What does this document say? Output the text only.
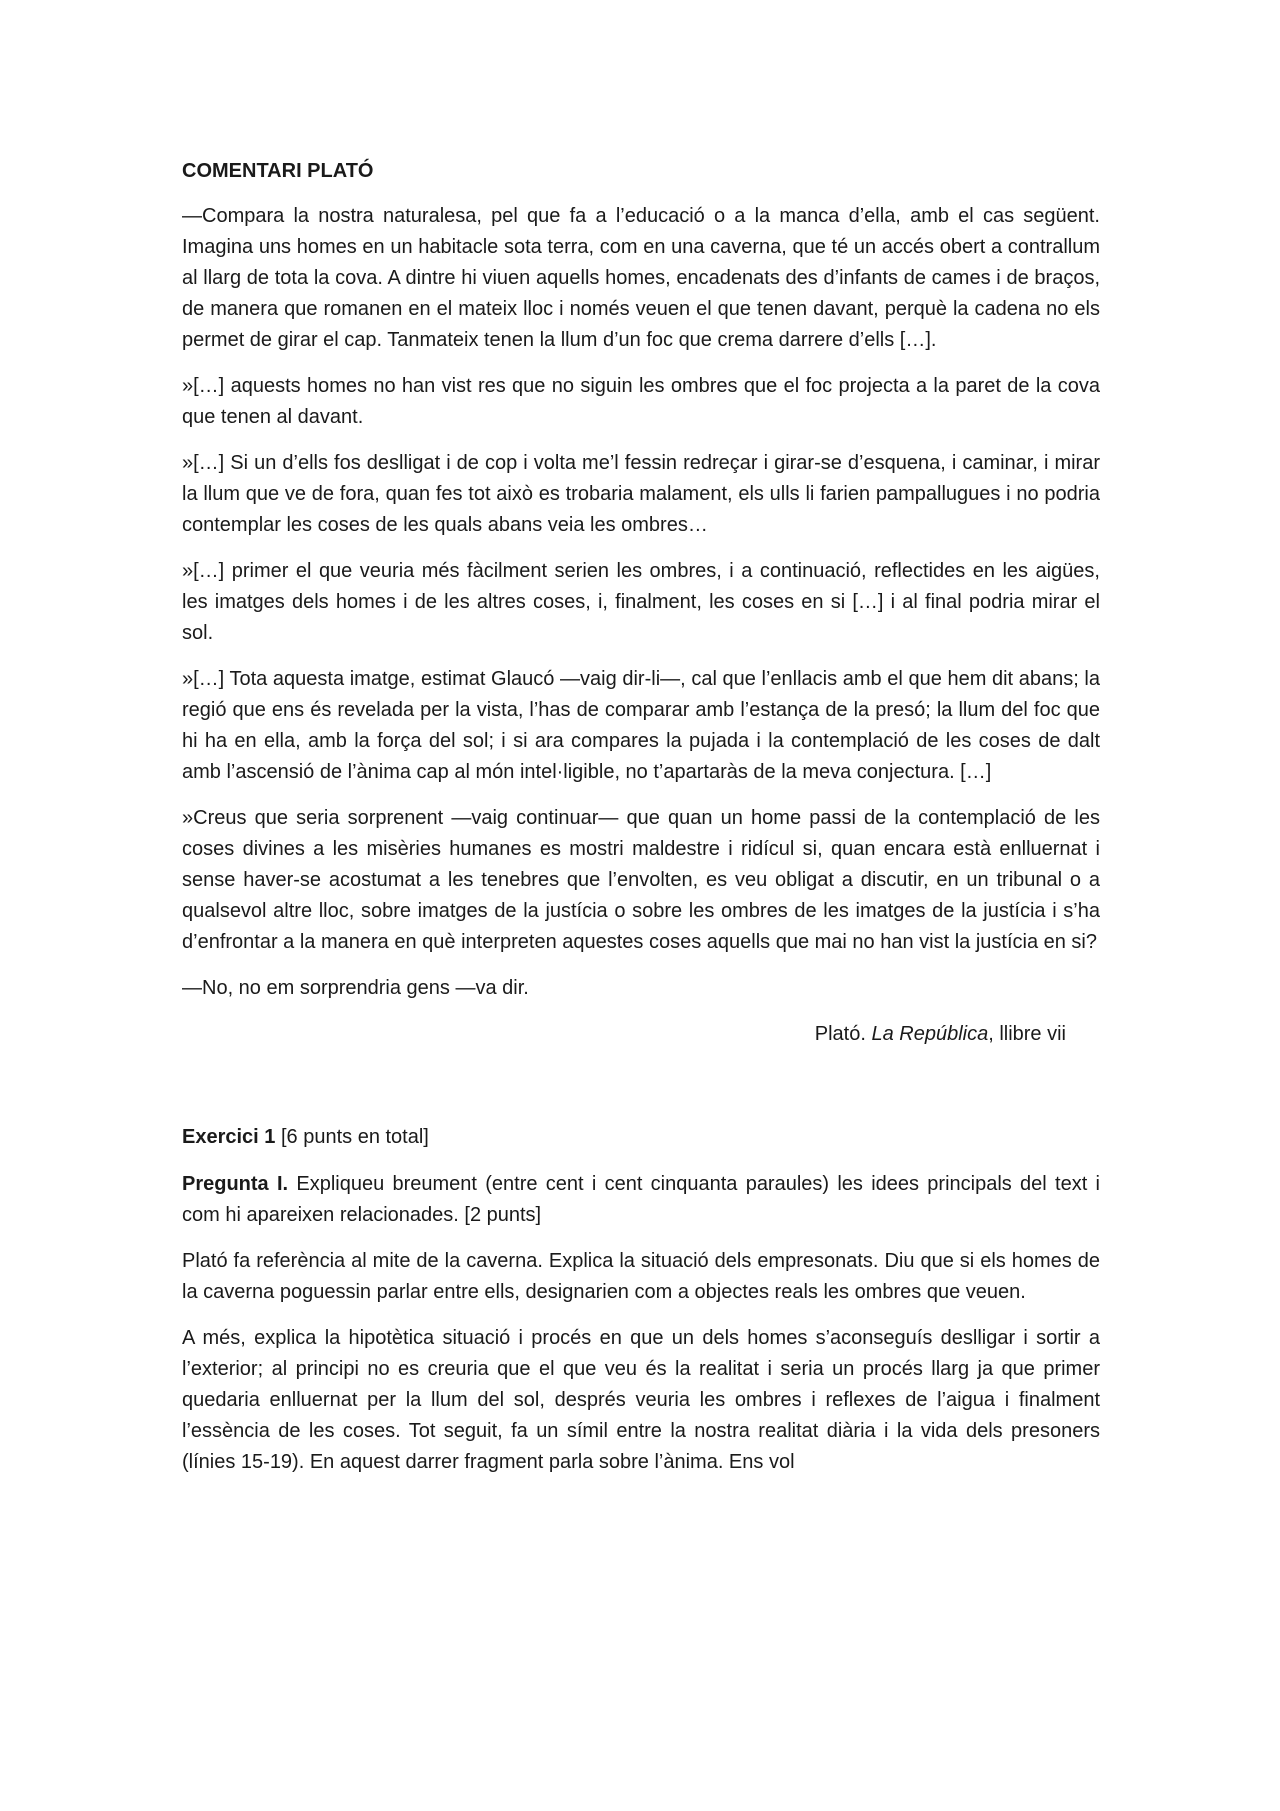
COMENTARI PLATÓ

—Compara la nostra naturalesa, pel que fa a l’educació o a la manca d’ella, amb el cas següent. Imagina uns homes en un habitacle sota terra, com en una caverna, que té un accés obert a contrallum al llarg de tota la cova. A dintre hi viuen aquells homes, encadenats des d’infants de cames i de braços, de manera que romanen en el mateix lloc i només veuen el que tenen davant, perquè la cadena no els permet de girar el cap. Tanmateix tenen la llum d’un foc que crema darrere d’ells […].

»[…] aquests homes no han vist res que no siguin les ombres que el foc projecta a la paret de la cova que tenen al davant.

»[…] Si un d’ells fos deslligat i de cop i volta me’l fessin redreçar i girar-se d’esquena, i caminar, i mirar la llum que ve de fora, quan fes tot això es trobaria malament, els ulls li farien pampallugues i no podria contemplar les coses de les quals abans veia les ombres…

»[…] primer el que veuria més fàcilment serien les ombres, i a continuació, reflectides en les aigües, les imatges dels homes i de les altres coses, i, finalment, les coses en si […] i al final podria mirar el sol.

»[…] Tota aquesta imatge, estimat Glaucó —vaig dir-li—, cal que l’enllacis amb el que hem dit abans; la regió que ens és revelada per la vista, l’has de comparar amb l’estança de la presó; la llum del foc que hi ha en ella, amb la força del sol; i si ara compares la pujada i la contemplació de les coses de dalt amb l’ascensió de l’ànima cap al món intel·ligible, no t’apartaràs de la meva conjectura. […]

»Creus que seria sorprenent —vaig continuar— que quan un home passi de la contemplació de les coses divines a les misèries humanes es mostri maldestre i ridícul si, quan encara està enlluernat i sense haver-se acostumat a les tenebres que l’envolten, es veu obligat a discutir, en un tribunal o a qualsevol altre lloc, sobre imatges de la justícia o sobre les ombres de les imatges de la justícia i s’ha d’enfrontar a la manera en què interpreten aquestes coses aquells que mai no han vist la justícia en si?

—No, no em sorprendria gens —va dir.

Plató. La República, llibre vii
Exercici 1 [6 punts en total]

Pregunta I. Expliqueu breument (entre cent i cent cinquanta paraules) les idees principals del text i com hi apareixen relacionades. [2 punts]

Plató fa referència al mite de la caverna. Explica la situació dels empresonats. Diu que si els homes de la caverna poguessin parlar entre ells, designarien com a objectes reals les ombres que veuen.

A més, explica la hipotètica situació i procés en que un dels homes s’aconseguís deslligar i sortir a l’exterior; al principi no es creuria que el que veu és la realitat i seria un procés llarg ja que primer quedaria enlluernat per la llum del sol, després veuria les ombres i reflexes de l’aigua i finalment l’essència de les coses. Tot seguit, fa un símil entre la nostra realitat diària i la vida dels presoners (línies 15-19). En aquest darrer fragment parla sobre l’ànima. Ens vol
